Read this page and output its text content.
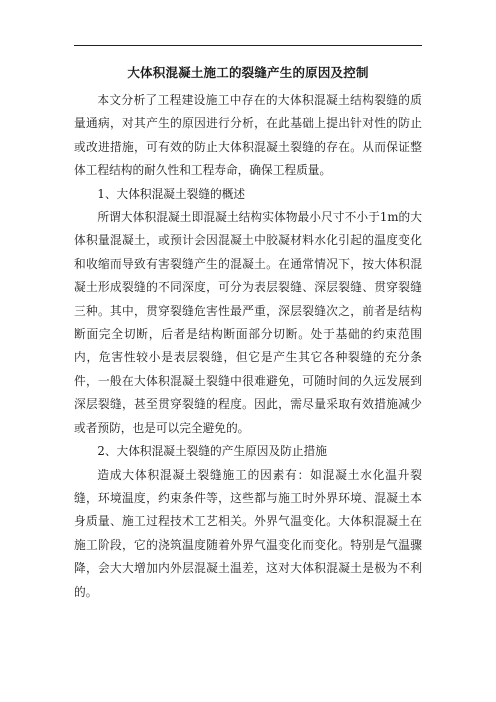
大体积混凝土施工的裂缝产生的原因及控制

本文分析了工程建设施工中存在的大体积混凝土结构裂缝的质量通病，对其产生的原因进行分析，在此基础上提出针对性的防止或改进措施，可有效的防止大体积混凝土裂缝的存在。从而保证整体工程结构的耐久性和工程寿命，确保工程质量。

1、大体积混凝土裂缝的概述

所谓大体积混凝土即混凝土结构实体物最小尺寸不小于1m的大体积量混凝土，或预计会因混凝土中胶凝材料水化引起的温度变化和收缩而导致有害裂缝产生的混凝土。在通常情况下，按大体积混凝土形成裂缝的不同深度，可分为表层裂缝、深层裂缝、贯穿裂缝三种。其中，贯穿裂缝危害性最严重，深层裂缝次之，前者是结构断面完全切断，后者是结构断面部分切断。处于基础的约束范围内，危害性较小是表层裂缝，但它是产生其它各种裂缝的充分条件，一般在大体积混凝土裂缝中很难避免，可随时间的久远发展到深层裂缝，甚至贯穿裂缝的程度。因此，需尽量采取有效措施减少或者预防，也是可以完全避免的。

2、大体积混凝土裂缝的产生原因及防止措施

造成大体积混凝土裂缝施工的因素有：如混凝土水化温升裂缝，环境温度，约束条件等，这些都与施工时外界环境、混凝土本身质量、施工过程技术工艺相关。外界气温变化。大体积混凝土在施工阶段，它的浇筑温度随着外界气温变化而变化。特别是气温骤降，会大大增加内外层混凝土温差，这对大体积混凝土是极为不利的。
